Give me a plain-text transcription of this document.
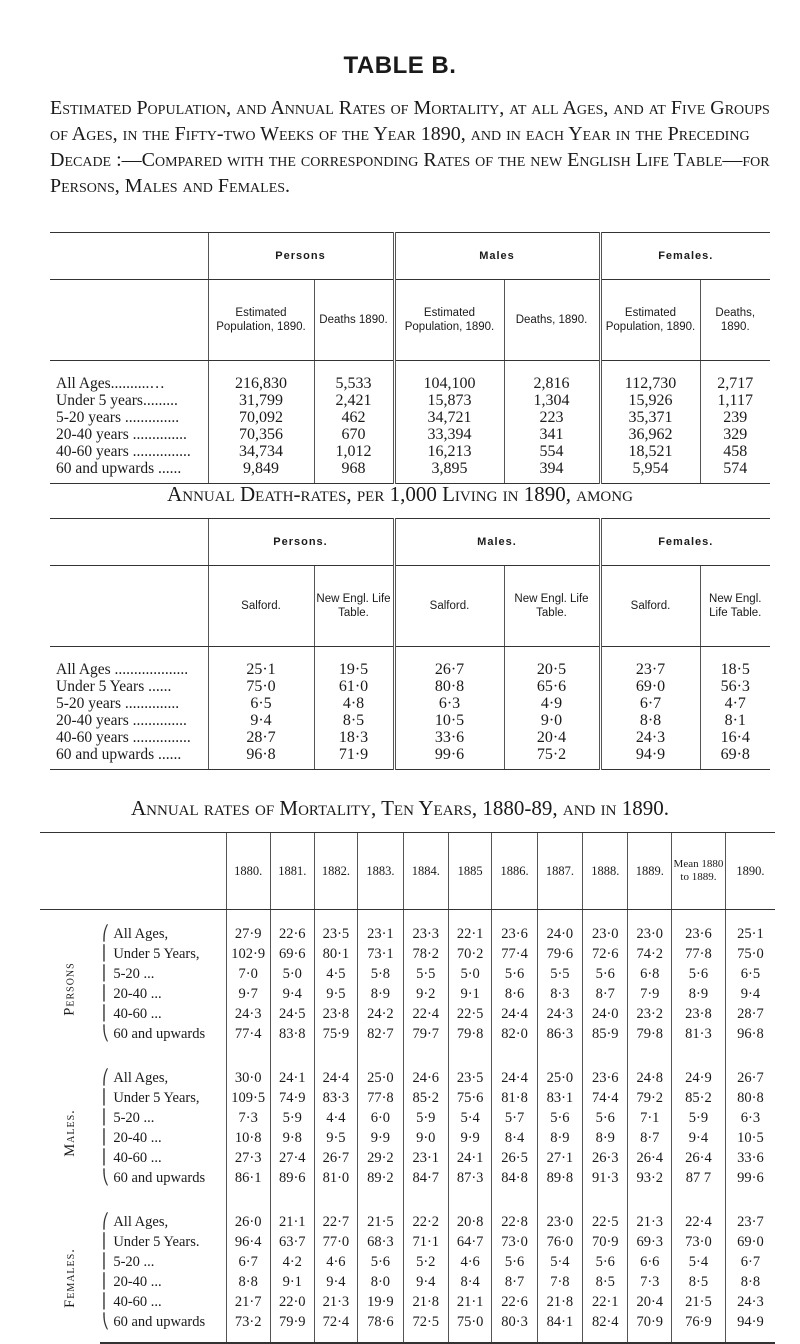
TABLE B.
Estimated Population, and Annual Rates of Mortality, at all Ages, and at Five Groups of Ages, in the Fifty-two Weeks of the Year 1890, and in each Year in the Preceding Decade :—Compared with the corresponding Rates of the new English Life Table—for Persons, Males and Females.
	Persons		Males		Females.	
	Estimated Population, 1890.	Deaths 1890.	Estimated Population, 1890.	Deaths, 1890.	Estimated Population, 1890.	Deaths, 1890.
All Ages..........…	216,830	5,533	104,100	2,816	112,730	2,717
Under 5 years.........	31,799	2,421	15,873	1,304	15,926	1,117
5-20 years ..............	70,092	462	34,721	223	35,371	239
20-40 years ..............	70,356	670	33,394	341	36,962	329
40-60 years ...............	34,734	1,012	16,213	554	18,521	458
60 and upwards ......	9,849	968	3,895	394	5,954	574
Annual Death-rates, per 1,000 Living in 1890, among
	Persons.		Males.		Females.	
	Salford.	New Engl. Life Table.	Salford.	New Engl. Life Table.	Salford.	New Engl. Life Table.
All Ages ...................	25·1	19·5	26·7	20·5	23·7	18·5
Under 5 Years ......	75·0	61·0	80·8	65·6	69·0	56·3
5-20 years ..............	6·5	4·8	6·3	4·9	6·7	4·7
20-40 years ..............	9·4	8·5	10·5	9·0	8·8	8·1
40-60 years ...............	28·7	18·3	33·6	20·4	24·3	16·4
60 and upwards ......	96·8	71·9	99·6	75·2	94·9	69·8
Annual rates of Mortality, Ten Years, 1880-89, and in 1890.
			1880.	1881.	1882.	1883.	1884.	1885	1886.	1887.	1888.	1889.	Mean 1880 to 1889.	1890.
Persons	⎛	All Ages,	27·9	22·6	23·5	23·1	23·3	22·1	23·6	24·0	23·0	23·0	23·6	25·1
	⎜	Under 5 Years,	102·9	69·6	80·1	73·1	78·2	70·2	77·4	79·6	72·6	74·2	77·8	75·0
	⎜	5-20 ...	7·0	5·0	4·5	5·8	5·5	5·0	5·6	5·5	5·6	6·8	5·6	6·5
	⎜	20-40 ...	9·7	9·4	9·5	8·9	9·2	9·1	8·6	8·3	8·7	7·9	8·9	9·4
	⎜	40-60 ...	24·3	24·5	23·8	24·2	22·4	22·5	24·4	24·3	24·0	23·2	23·8	28·7
	⎝	60 and upwards	77·4	83·8	75·9	82·7	79·7	79·8	82·0	86·3	85·9	79·8	81·3	96·8
Males.	⎛	All Ages,	30·0	24·1	24·4	25·0	24·6	23·5	24·4	25·0	23·6	24·8	24·9	26·7
	⎜	Under 5 Years,	109·5	74·9	83·3	77·8	85·2	75·6	81·8	83·1	74·4	79·2	85·2	80·8
	⎜	5-20 ...	7·3	5·9	4·4	6·0	5·9	5·4	5·7	5·6	5·6	7·1	5·9	6·3
	⎜	20-40 ...	10·8	9·8	9·5	9·9	9·0	9·9	8·4	8·9	8·9	8·7	9·4	10·5
	⎜	40-60 ...	27·3	27·4	26·7	29·2	23·1	24·1	26·5	27·1	26·3	26·4	26·4	33·6
	⎝	60 and upwards	86·1	89·6	81·0	89·2	84·7	87·3	84·8	89·8	91·3	93·2	87 7	99·6
Females.	⎛	All Ages,	26·0	21·1	22·7	21·5	22·2	20·8	22·8	23·0	22·5	21·3	22·4	23·7
	⎜	Under 5 Years.	96·4	63·7	77·0	68·3	71·1	64·7	73·0	76·0	70·9	69·3	73·0	69·0
	⎜	5-20 ...	6·7	4·2	4·6	5·6	5·2	4·6	5·6	5·4	5·6	6·6	5·4	6·7
	⎜	20-40 ...	8·8	9·1	9·4	8·0	9·4	8·4	8·7	7·8	8·5	7·3	8·5	8·8
	⎜	40-60 ...	21·7	22·0	21·3	19·9	21·8	21·1	22·6	21·8	22·1	20·4	21·5	24·3
	⎝	60 and upwards	73·2	79·9	72·4	78·6	72·5	75·0	80·3	84·1	82·4	70·9	76·9	94·9
